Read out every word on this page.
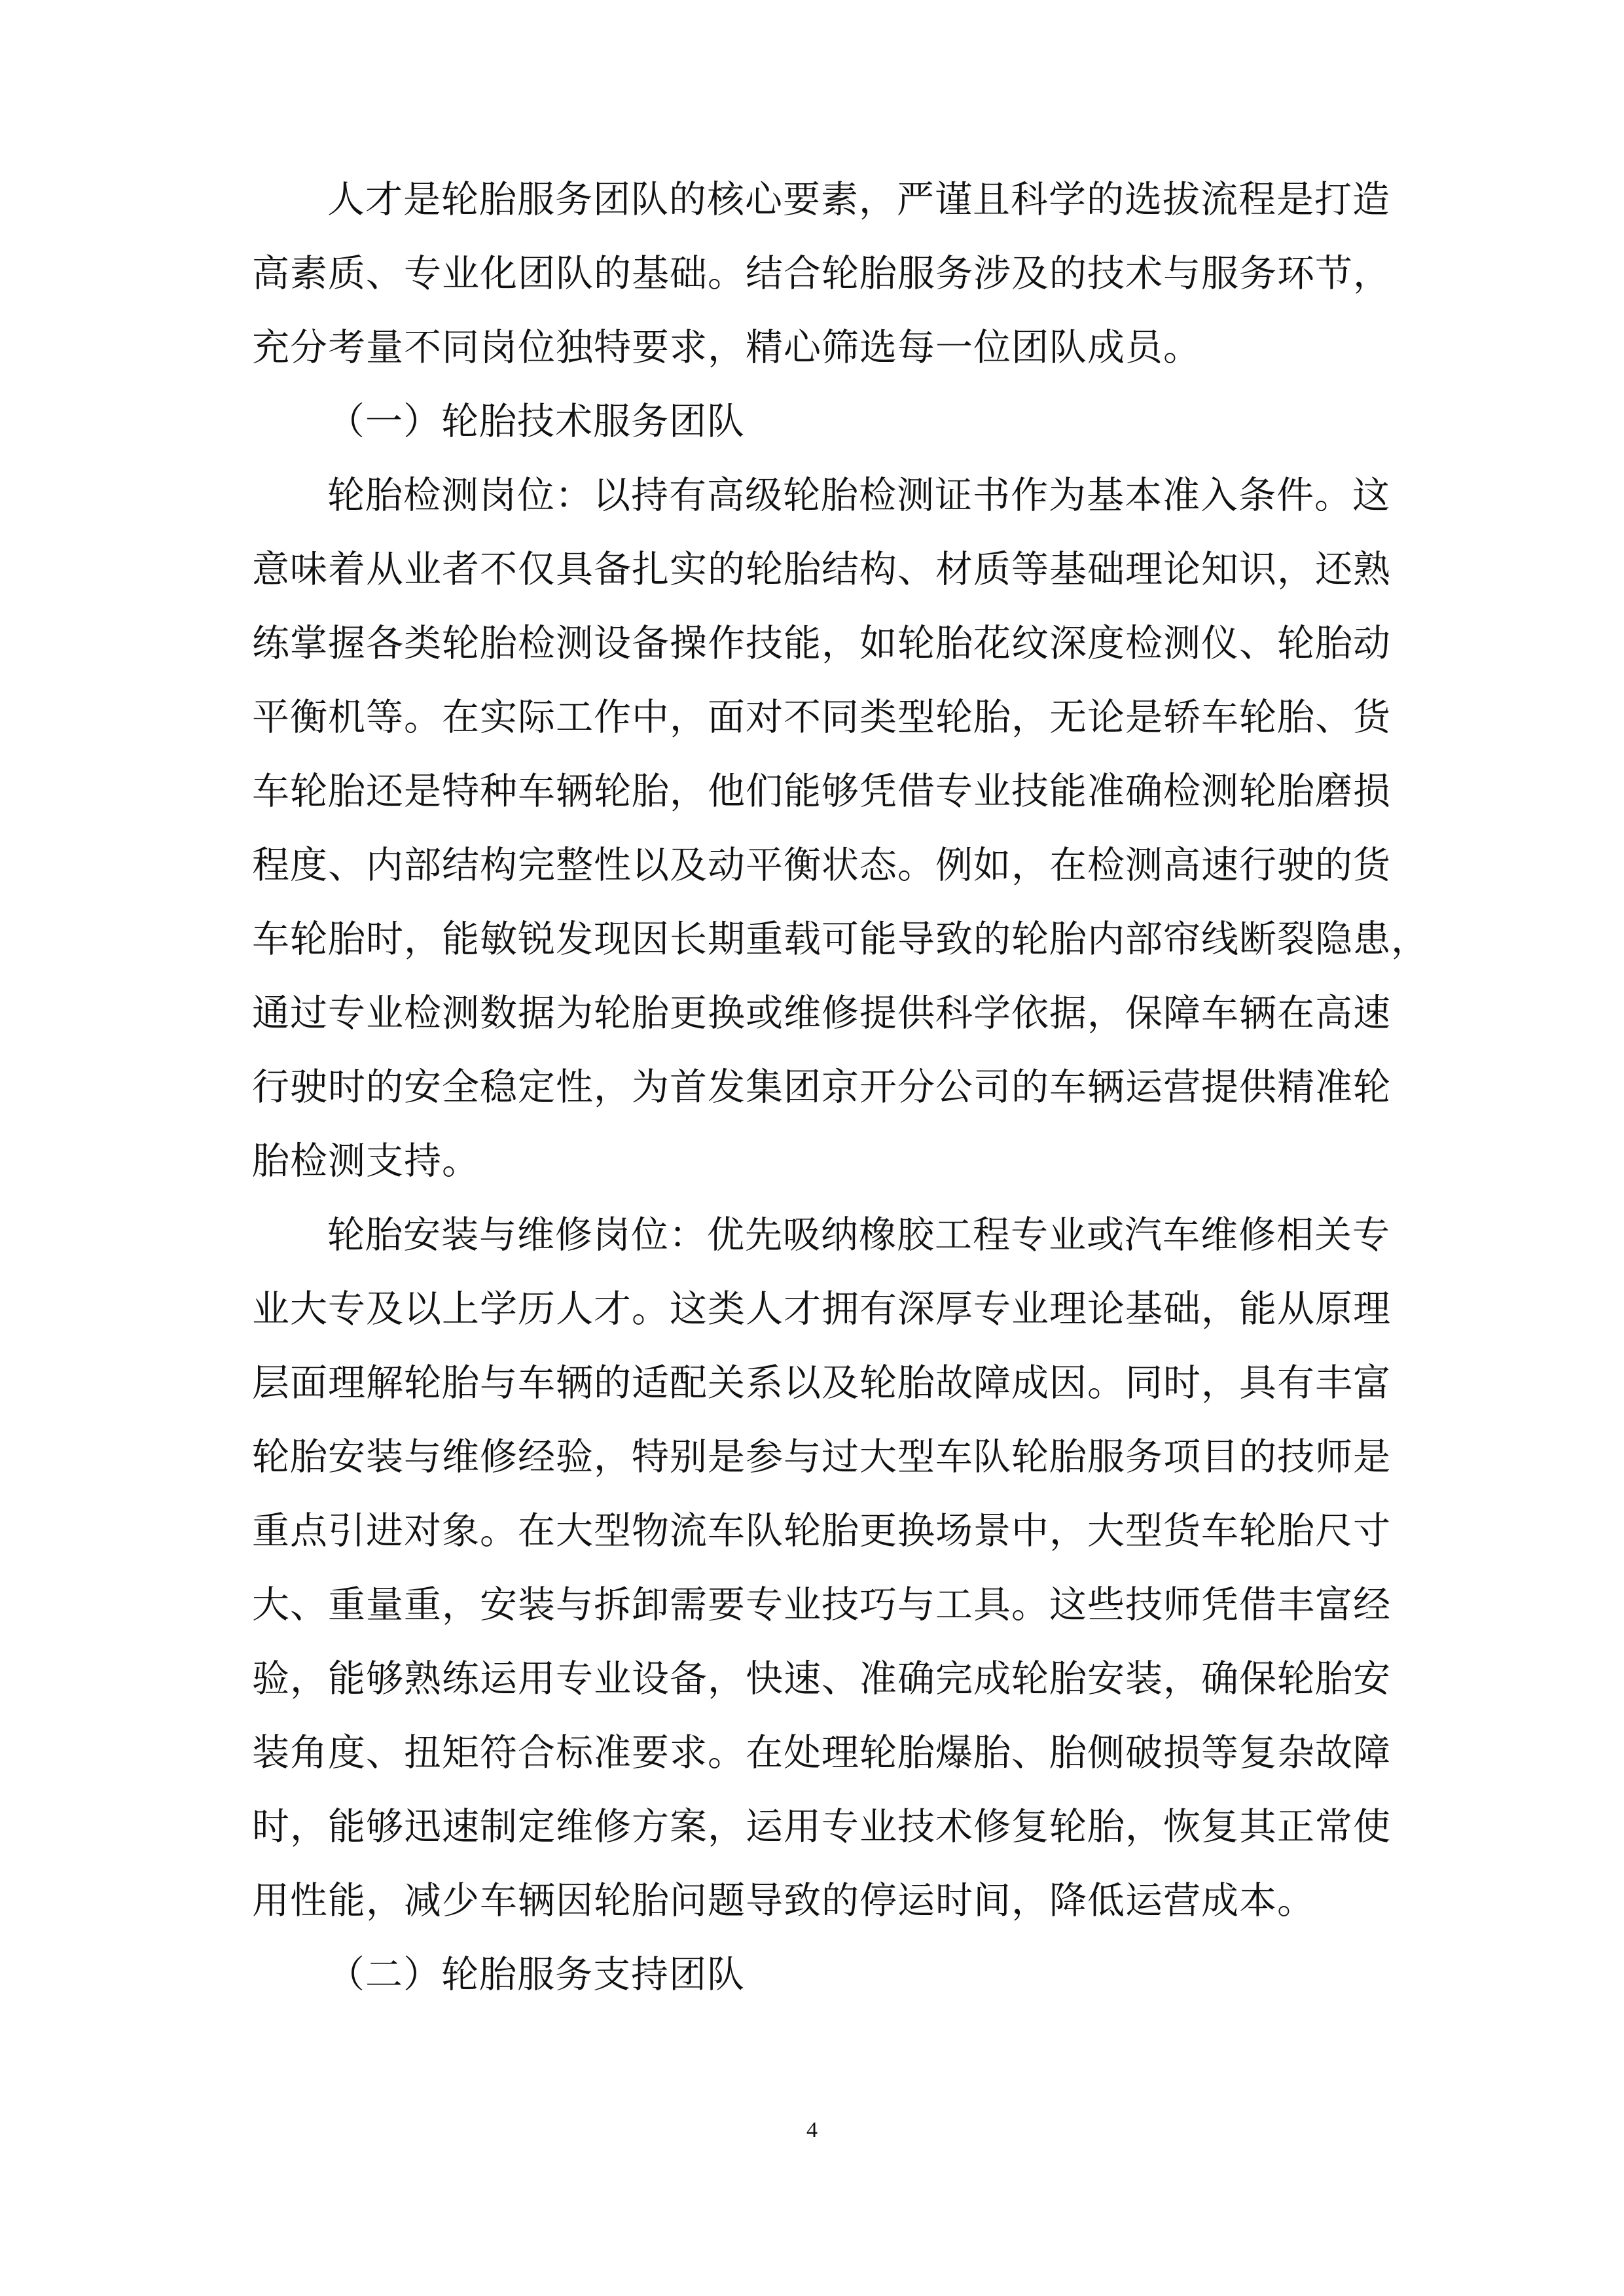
人才是轮胎服务团队的核心要素，严谨且科学的选拔流程是打造
高素质、专业化团队的基础。结合轮胎服务涉及的技术与服务环节，
充分考量不同岗位独特要求，精心筛选每一位团队成员。
（一）轮胎技术服务团队
轮胎检测岗位：以持有高级轮胎检测证书作为基本准入条件。这
意味着从业者不仅具备扎实的轮胎结构、材质等基础理论知识，还熟
练掌握各类轮胎检测设备操作技能，如轮胎花纹深度检测仪、轮胎动
平衡机等。在实际工作中，面对不同类型轮胎，无论是轿车轮胎、货
车轮胎还是特种车辆轮胎，他们能够凭借专业技能准确检测轮胎磨损
程度、内部结构完整性以及动平衡状态。例如，在检测高速行驶的货
车轮胎时，能敏锐发现因长期重载可能导致的轮胎内部帘线断裂隐患，
通过专业检测数据为轮胎更换或维修提供科学依据，保障车辆在高速
行驶时的安全稳定性，为首发集团京开分公司的车辆运营提供精准轮
胎检测支持。
轮胎安装与维修岗位：优先吸纳橡胶工程专业或汽车维修相关专
业大专及以上学历人才。这类人才拥有深厚专业理论基础，能从原理
层面理解轮胎与车辆的适配关系以及轮胎故障成因。同时，具有丰富
轮胎安装与维修经验，特别是参与过大型车队轮胎服务项目的技师是
重点引进对象。在大型物流车队轮胎更换场景中，大型货车轮胎尺寸
大、重量重，安装与拆卸需要专业技巧与工具。这些技师凭借丰富经
验，能够熟练运用专业设备，快速、准确完成轮胎安装，确保轮胎安
装角度、扭矩符合标准要求。在处理轮胎爆胎、胎侧破损等复杂故障
时，能够迅速制定维修方案，运用专业技术修复轮胎，恢复其正常使
用性能，减少车辆因轮胎问题导致的停运时间，降低运营成本。
（二）轮胎服务支持团队
4
